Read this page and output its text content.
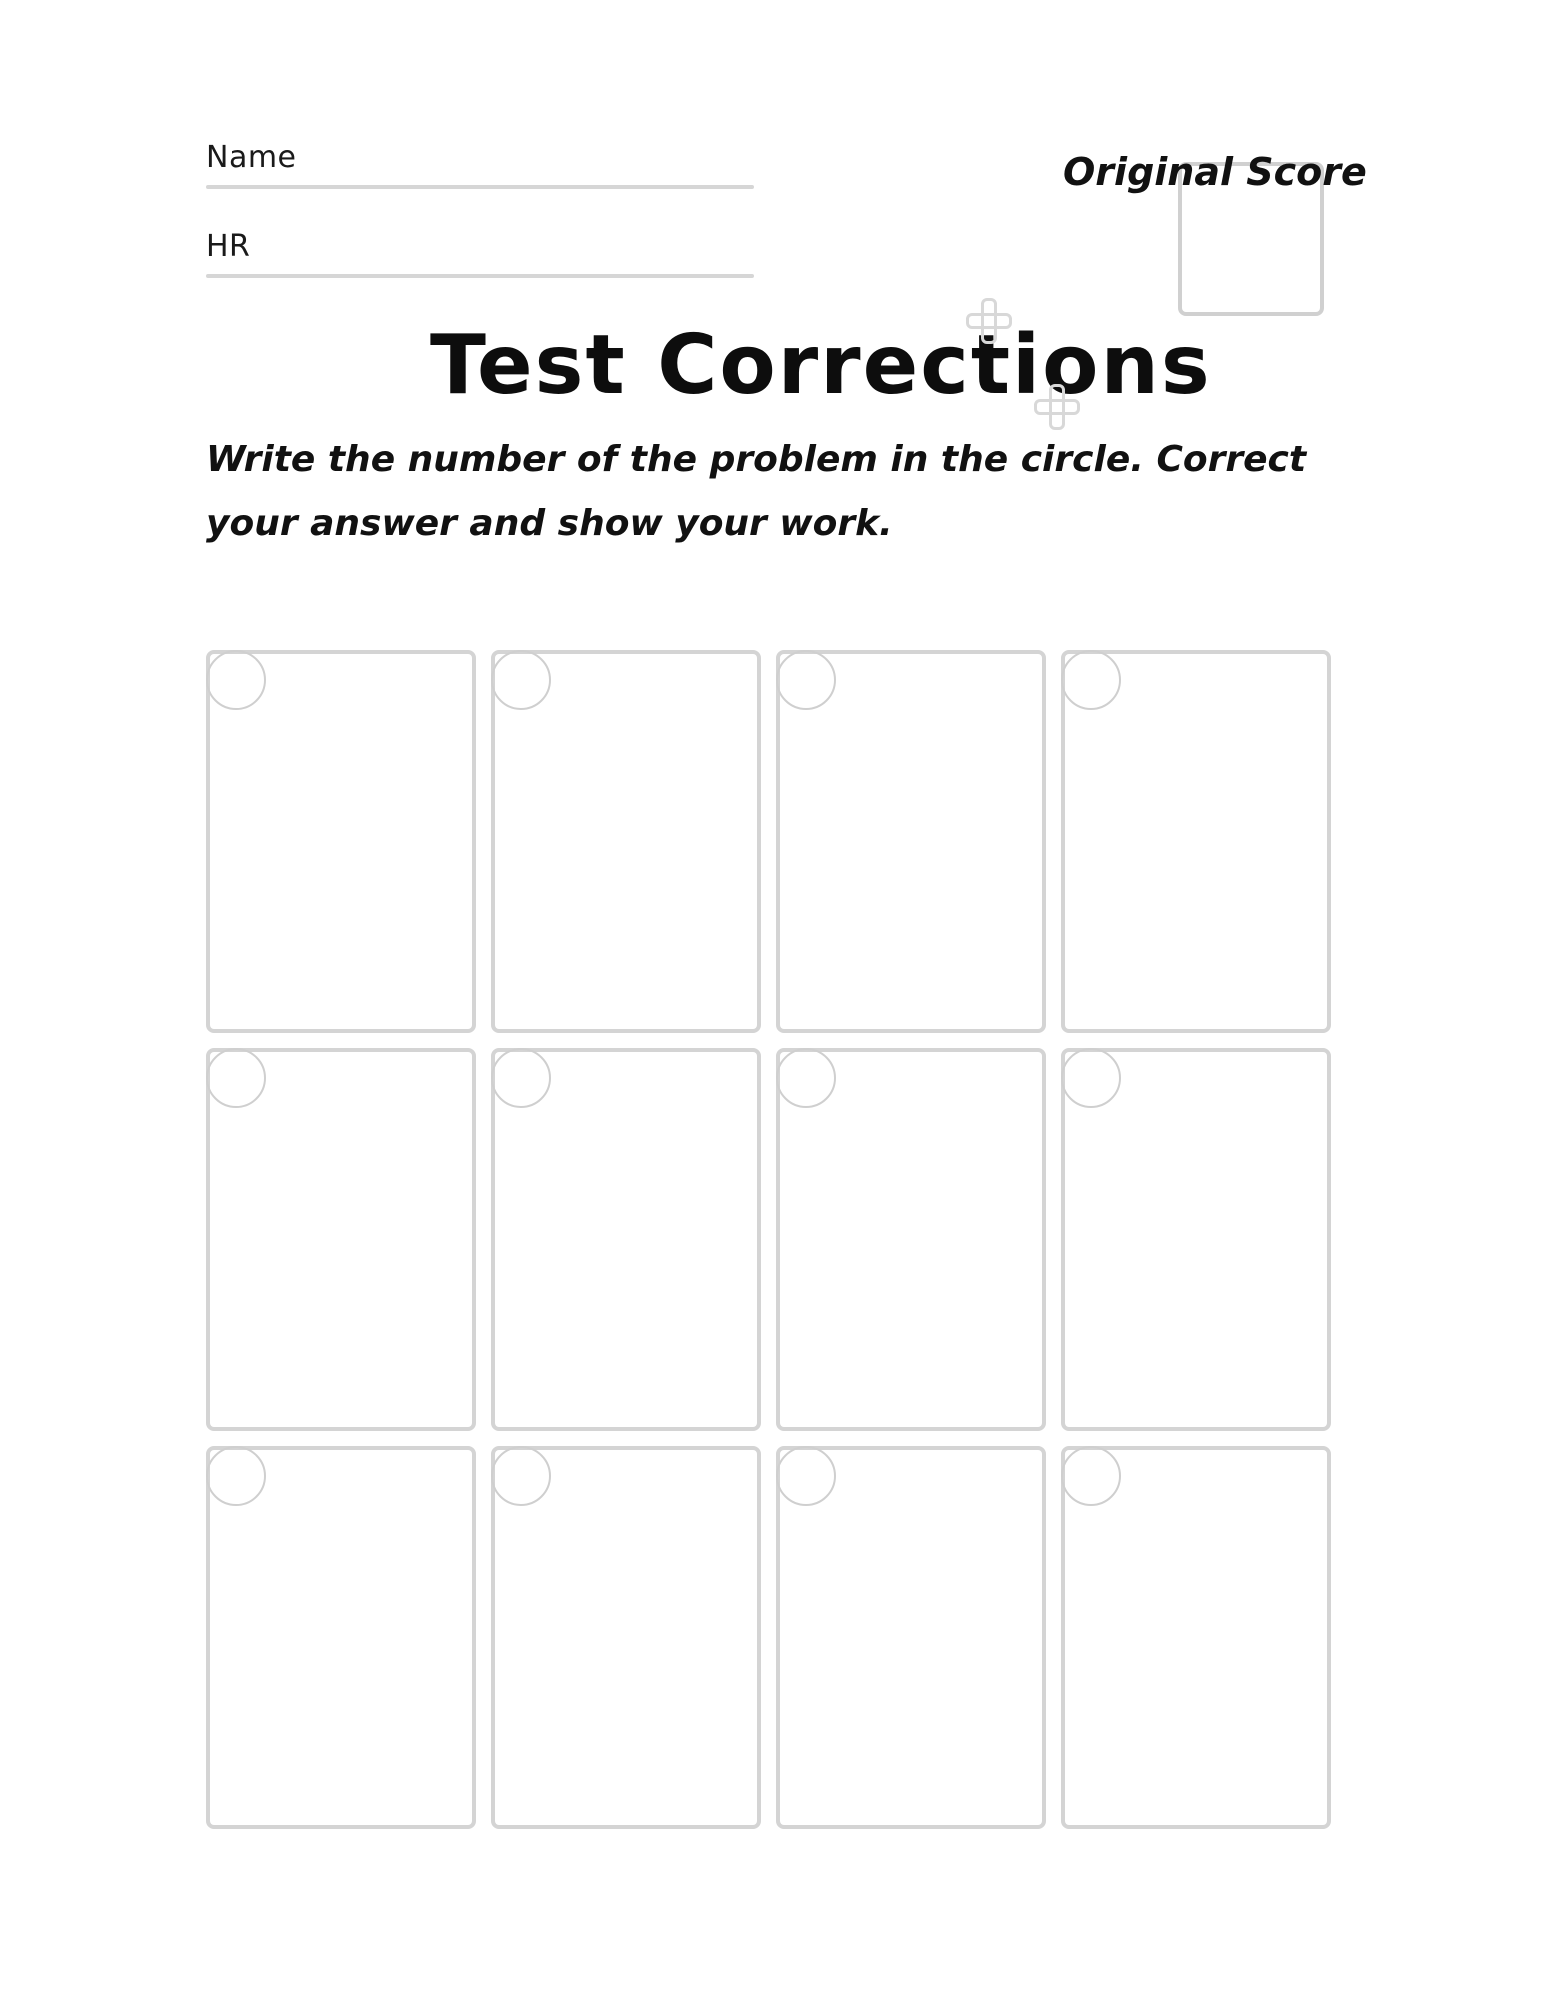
Name
HR
Original Score
Test Corrections
Write the number of the problem in the circle. Correct your answer and show your work.
